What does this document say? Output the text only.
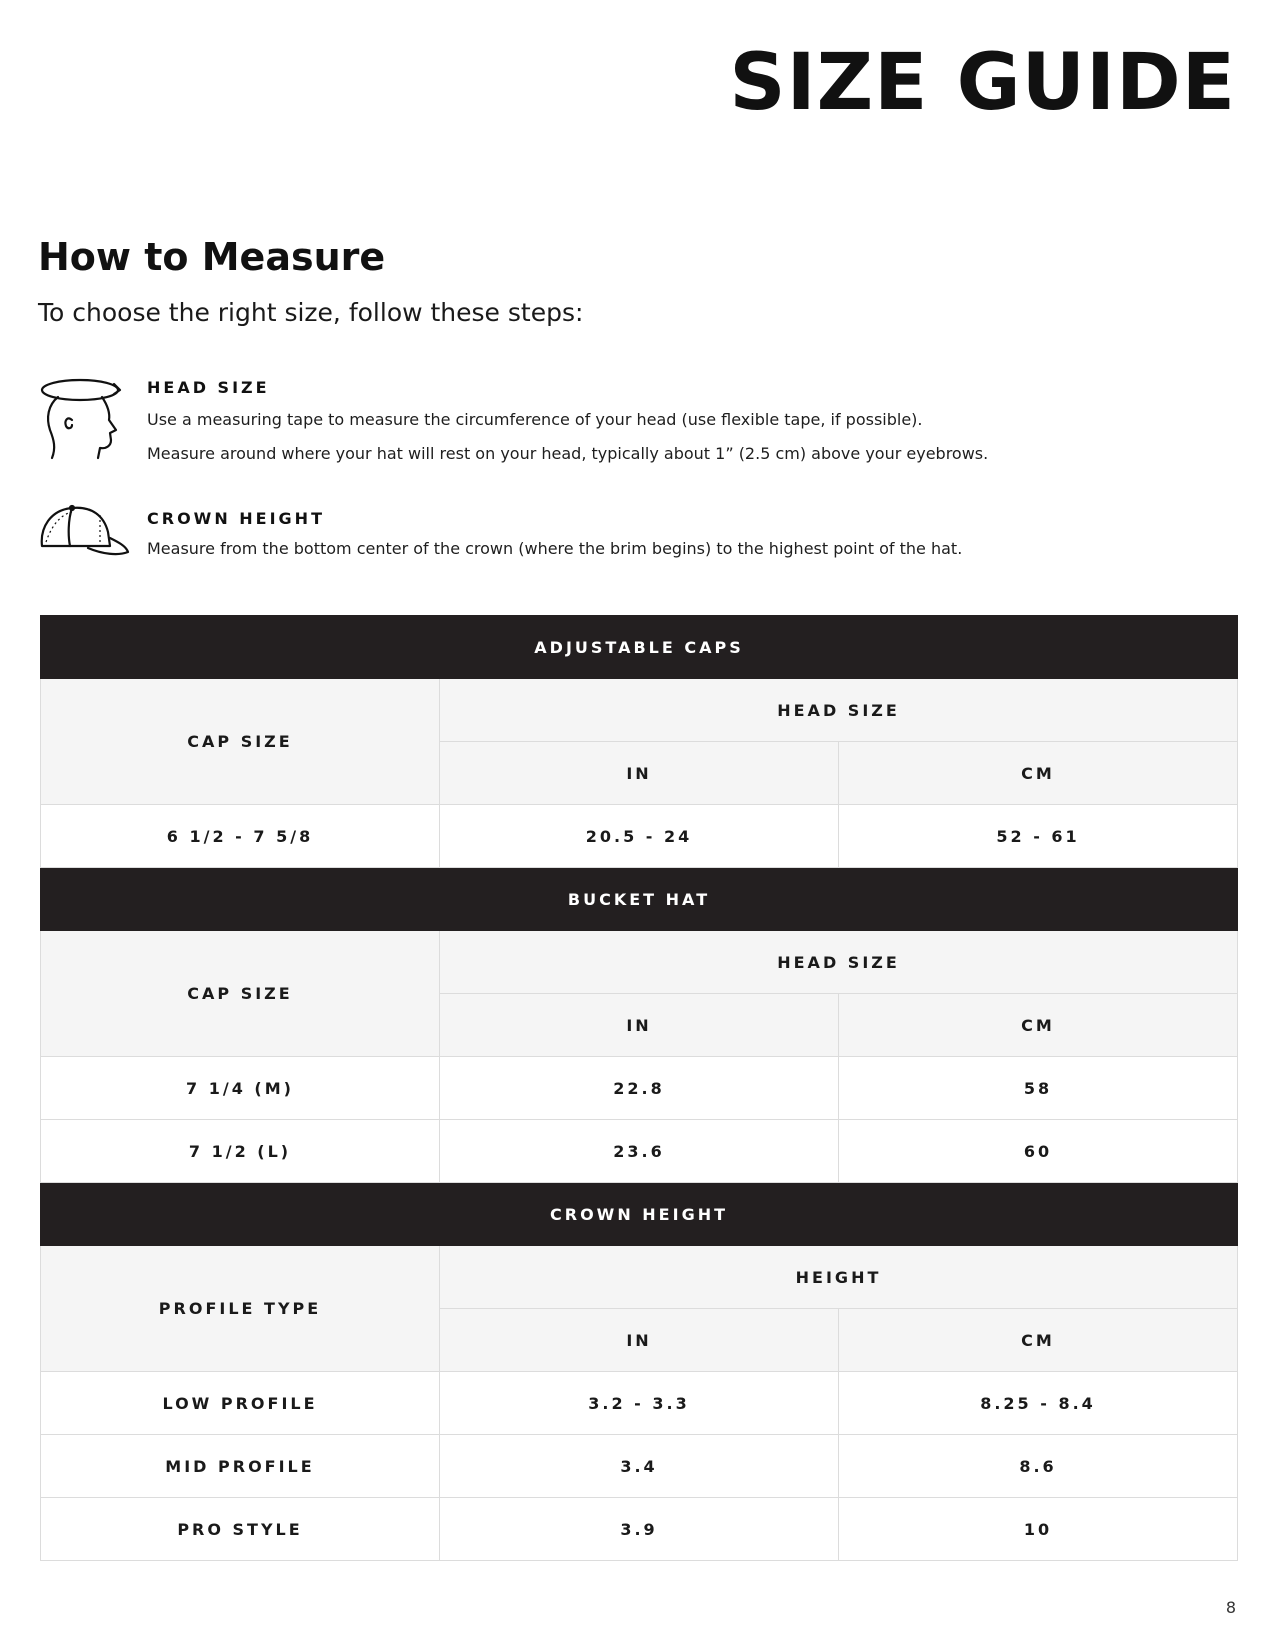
SIZE GUIDE
How to Measure

To choose the right size, follow these steps:

HEAD SIZE

Use a measuring tape to measure the circumference of your head (use flexible tape, if possible).

Measure around where your hat will rest on your head, typically about 1” (2.5 cm) above your eyebrows.

CROWN HEIGHT

Measure from the bottom center of the crown (where the brim begins) to the highest point of the hat.

ADJUSTABLE CAPS		
CAP SIZE	HEAD SIZE	
	IN	CM
6 1/2 - 7 5/8	20.5 - 24	52 - 61
BUCKET HAT		
CAP SIZE	HEAD SIZE	
	IN	CM
7 1/4 (M)	22.8	58
7 1/2 (L)	23.6	60
CROWN HEIGHT		
PROFILE TYPE	HEIGHT	
	IN	CM
LOW PROFILE	3.2 - 3.3	8.25 - 8.4
MID PROFILE	3.4	8.6
PRO STYLE	3.9	10

8
